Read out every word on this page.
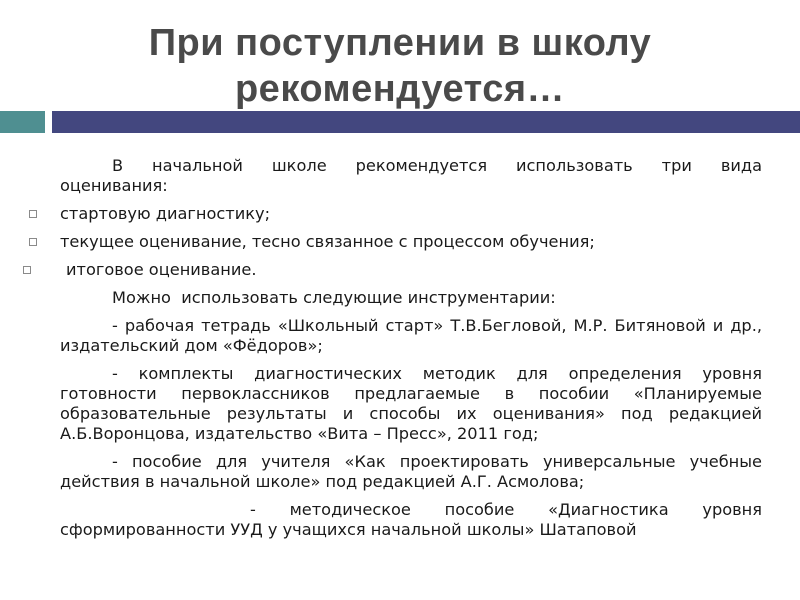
При поступлении в школу
рекомендуется…

В начальной школе рекомендуется использовать три вида оценивания:

стартовую диагностику;
текущее оценивание, тесно связанное с процессом обучения;
итоговое оценивание.

Можно  использовать следующие инструментарии:

- рабочая тетрадь «Школьный старт» Т.В.Бегловой, М.Р. Битяновой и др., издательский дом «Фёдоров»;

- комплекты диагностических методик для определения уровня готовности первоклассников предлагаемые в пособии «Планируемые образовательные результаты и способы их оценивания» под редакцией А.Б.Воронцова, издательство «Вита – Пресс», 2011 год;

- пособие для учителя «Как проектировать универсальные учебные действия в начальной школе» под редакцией А.Г. Асмолова;

- методическое пособие «Диагностика уровня сформированности УУД у учащихся начальной школы» Шатаповой
